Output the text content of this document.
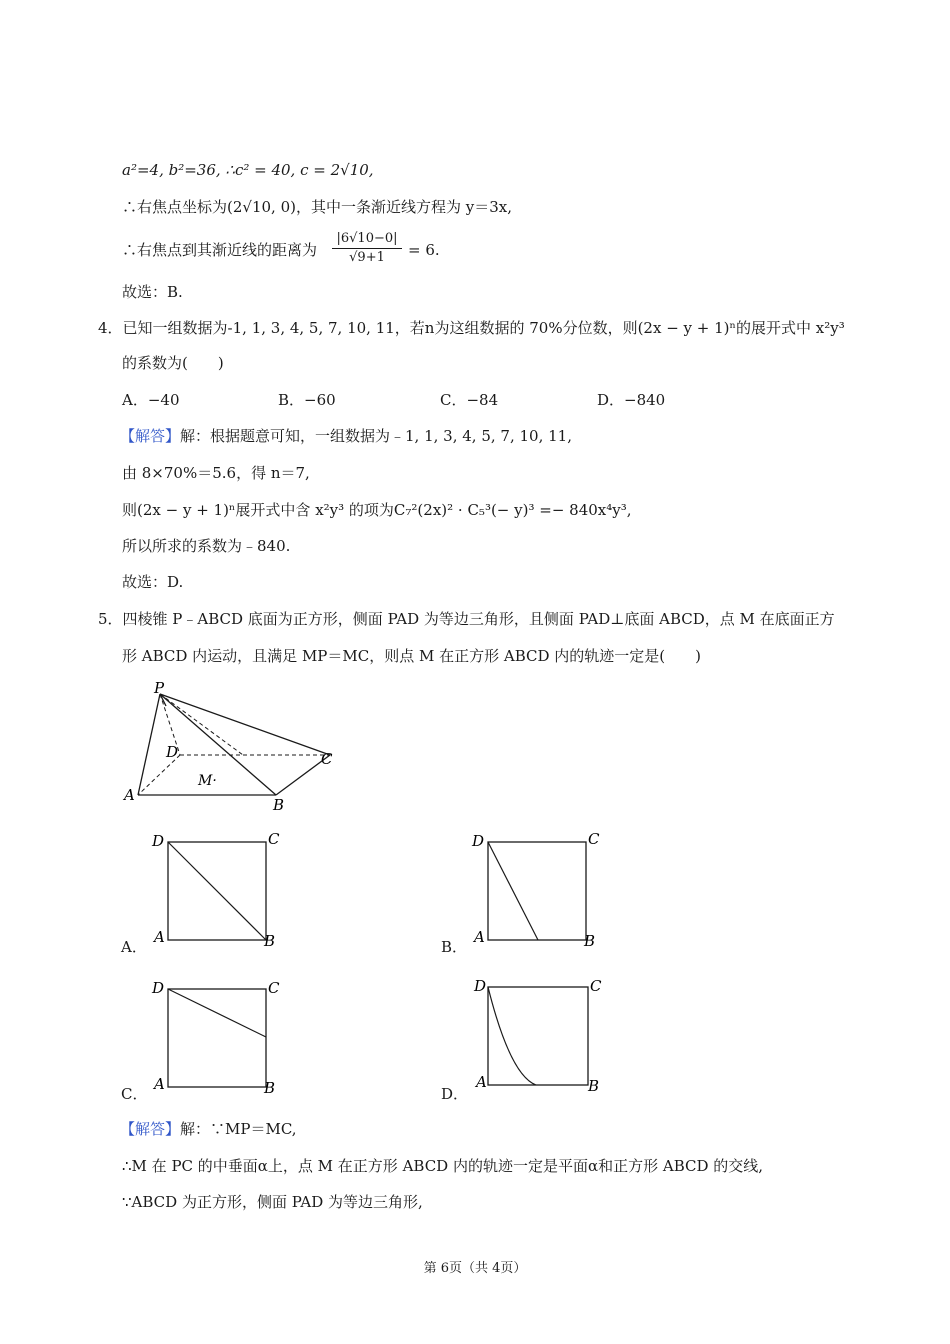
a²=4, b²=36, ∴c² = 40, c = 2√10,
∴右焦点坐标为(2√10, 0)，其中一条渐近线方程为 y＝3x,
∴右焦点到其渐近线的距离为 $\frac{|6√10-0|}{√9+1} = 6$.
故选：B.
4．已知一组数据为-1, 1, 3, 4, 5, 7, 10, 11，若n为这组数据的 70%分位数，则(2x − y + 1)ⁿ的展开式中 x²y³
的系数为(　　)
A．−40	B．−60	C．−84	D．−840
【解答】解：根据题意可知，一组数据为﹣1, 1, 3, 4, 5, 7, 10, 11,
由 8×70%＝5.6，得 n＝7,
则(2x − y + 1)ⁿ展开式中含 x²y³ 的项为C₇²(2x)² · C₅³(− y)³ =− 840x⁴y³,
所以所求的系数为﹣840.
故选：D.
5．四棱锥 P﹣ABCD 底面为正方形，侧面 PAD 为等边三角形，且侧面 PAD⊥底面 ABCD，点 M 在底面正方
形 ABCD 内运动，且满足 MP＝MC，则点 M 在正方形 ABCD 内的轨迹一定是(　　)
P
D	C
A
B
M·
A．
D	C
A	B	B．
D	C
A	B
C．
D	C
A	B	D．
D	C
A	B
【解答】解：∵MP＝MC,
∴M 在 PC 的中垂面α上，点 M 在正方形 ABCD 内的轨迹一定是平面α和正方形 ABCD 的交线,
∵ABCD 为正方形，侧面 PAD 为等边三角形,
第 6页（共 4页）
